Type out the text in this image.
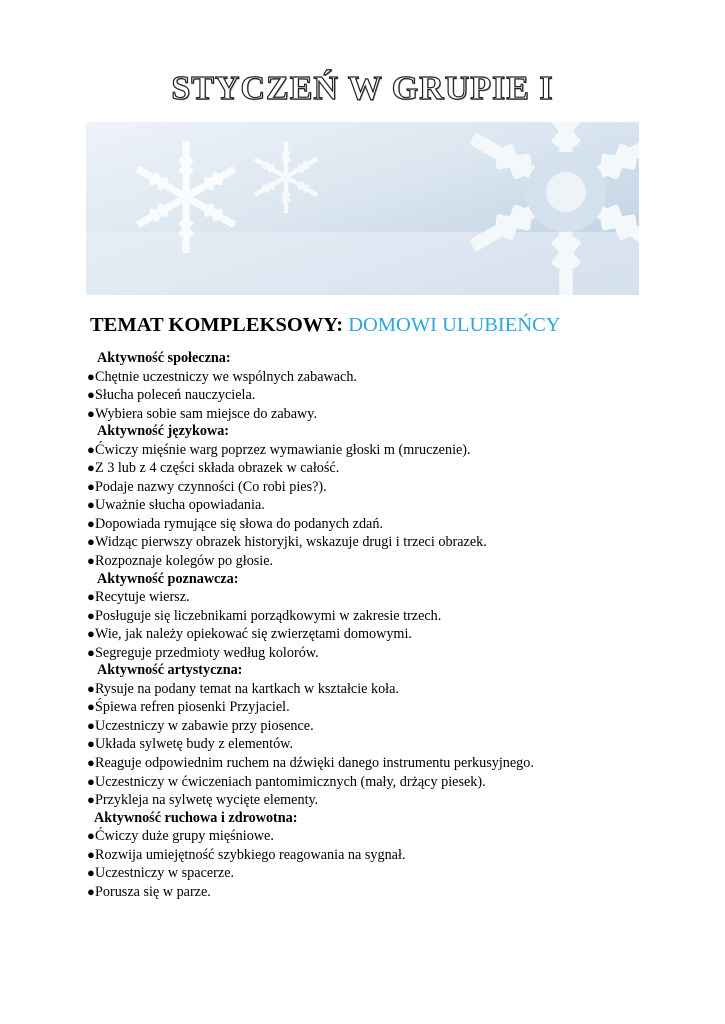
STYCZEŃ W GRUPIE I
TEMAT KOMPLEKSOWY: DOMOWI ULUBIEŃCY
Aktywność społeczna:
●Chętnie uczestniczy we wspólnych zabawach.
●Słucha poleceń nauczyciela.
●Wybiera sobie sam miejsce do zabawy.
Aktywność językowa:
●Ćwiczy mięśnie warg poprzez wymawianie głoski m (mruczenie).
●Z 3 lub z 4 części składa obrazek w całość.
●Podaje nazwy czynności (Co robi pies?).
●Uważnie słucha opowiadania.
●Dopowiada rymujące się słowa do podanych zdań.
●Widząc pierwszy obrazek historyjki, wskazuje drugi i trzeci obrazek.
●Rozpoznaje kolegów po głosie.
Aktywność poznawcza:
●Recytuje wiersz.
●Posługuje się liczebnikami porządkowymi w zakresie trzech.
●Wie, jak należy opiekować się zwierzętami domowymi.
●Segreguje przedmioty według kolorów.
Aktywność artystyczna:
●Rysuje na podany temat na kartkach w kształcie koła.
●Śpiewa refren piosenki Przyjaciel.
●Uczestniczy w zabawie przy piosence.
●Układa sylwetę budy z elementów.
●Reaguje odpowiednim ruchem na dźwięki danego instrumentu perkusyjnego.
●Uczestniczy w ćwiczeniach pantomimicznych (mały, drżący piesek).
●Przykleja na sylwetę wycięte elementy.
Aktywność ruchowa i zdrowotna:
●Ćwiczy duże grupy mięśniowe.
●Rozwija umiejętność szybkiego reagowania na sygnał.
●Uczestniczy w spacerze.
●Porusza się w parze.
